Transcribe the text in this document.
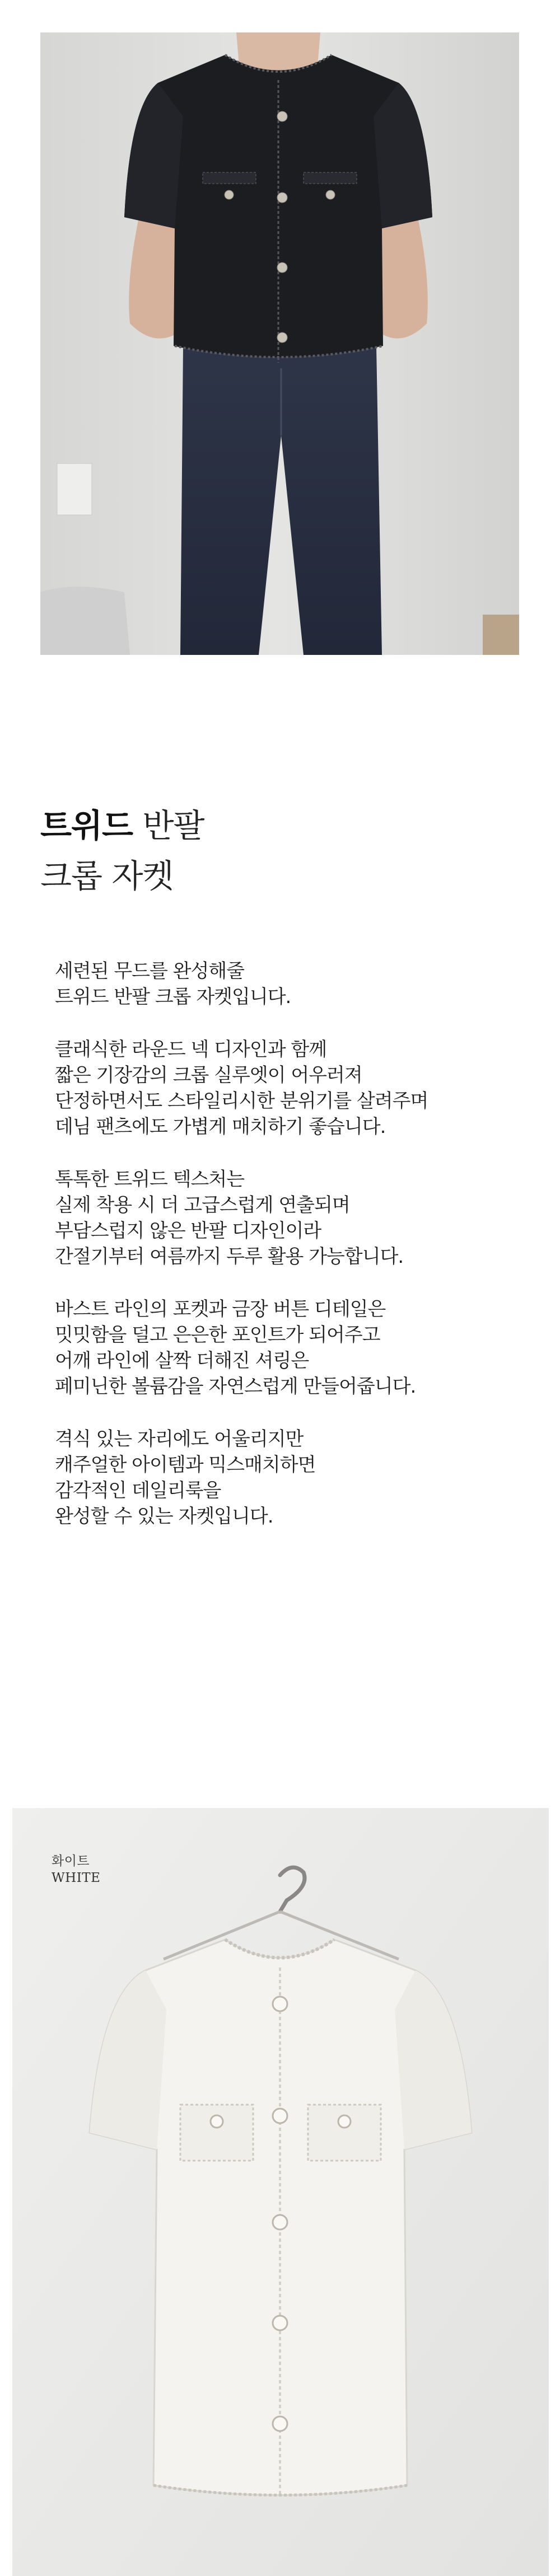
트위드 반팔
크롭 자켓
세련된 무드를 완성해줄
트위드 반팔 크롭 자켓입니다.
클래식한 라운드 넥 디자인과 함께
짧은 기장감의 크롭 실루엣이 어우러져
단정하면서도 스타일리시한 분위기를 살려주며
데님 팬츠에도 가볍게 매치하기 좋습니다.
톡톡한 트위드 텍스처는
실제 착용 시 더 고급스럽게 연출되며
부담스럽지 않은 반팔 디자인이라
간절기부터 여름까지 두루 활용 가능합니다.
바스트 라인의 포켓과 금장 버튼 디테일은
밋밋함을 덜고 은은한 포인트가 되어주고
어깨 라인에 살짝 더해진 셔링은
페미닌한 볼륨감을 자연스럽게 만들어줍니다.
격식 있는 자리에도 어울리지만
캐주얼한 아이템과 믹스매치하면
감각적인 데일리룩을
완성할 수 있는 자켓입니다.
화이트
WHITE
